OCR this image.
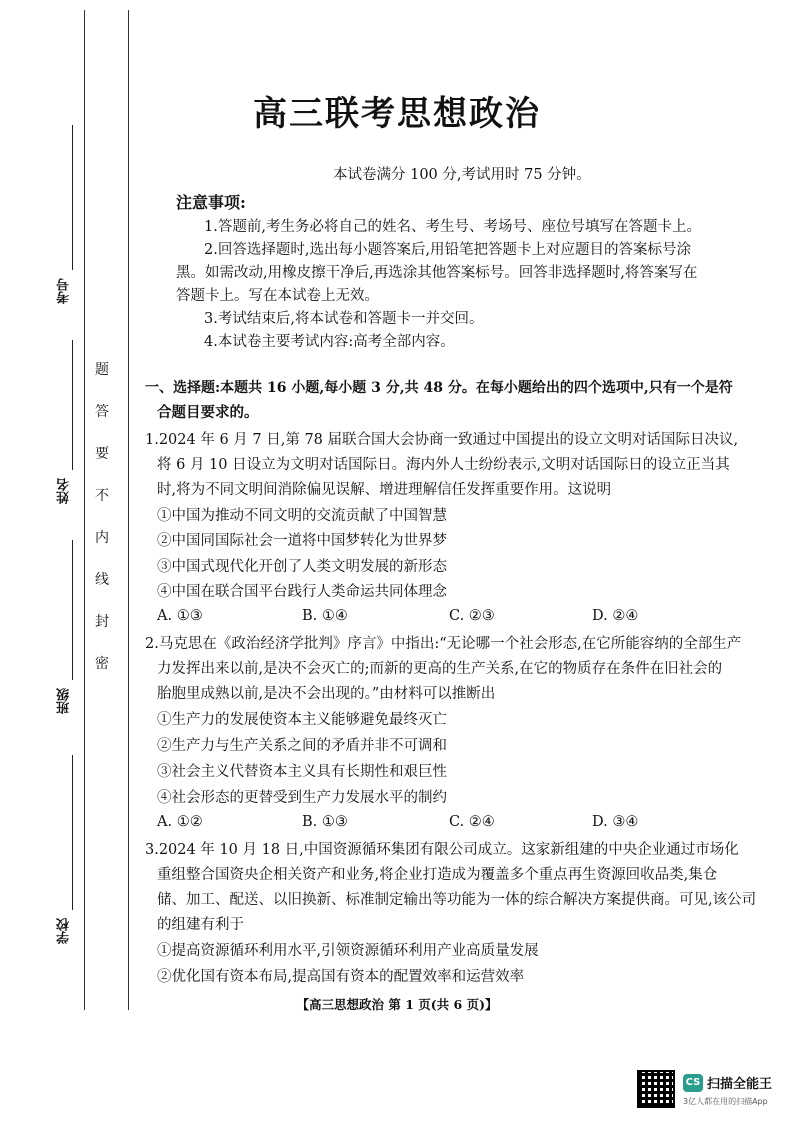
题
答
要
不
内
线
封
密
考号
姓名
班级
学校
高三联考思想政治
本试卷满分 100 分,考试用时 75 分钟。
注意事项:
1.答题前,考生务必将自己的姓名、考生号、考场号、座位号填写在答题卡上。
2.回答选择题时,选出每小题答案后,用铅笔把答题卡上对应题目的答案标号涂
黑。如需改动,用橡皮擦干净后,再选涂其他答案标号。回答非选择题时,将答案写在
答题卡上。写在本试卷上无效。
3.考试结束后,将本试卷和答题卡一并交回。
4.本试卷主要考试内容:高考全部内容。
一、选择题:本题共 16 小题,每小题 3 分,共 48 分。在每小题给出的四个选项中,只有一个是符
合题目要求的。
1.2024 年 6 月 7 日,第 78 届联合国大会协商一致通过中国提出的设立文明对话国际日决议,
将 6 月 10 日设立为文明对话国际日。海内外人士纷纷表示,文明对话国际日的设立正当其
时,将为不同文明间消除偏见误解、增进理解信任发挥重要作用。这说明
①中国为推动不同文明的交流贡献了中国智慧
②中国同国际社会一道将中国梦转化为世界梦
③中国式现代化开创了人类文明发展的新形态
④中国在联合国平台践行人类命运共同体理念
A. ①③	B. ①④	C. ②③	D. ②④
2.马克思在《政治经济学批判》序言》中指出:“无论哪一个社会形态,在它所能容纳的全部生产
力发挥出来以前,是决不会灭亡的;而新的更高的生产关系,在它的物质存在条件在旧社会的
胎胞里成熟以前,是决不会出现的。”由材料可以推断出
①生产力的发展使资本主义能够避免最终灭亡
②生产力与生产关系之间的矛盾并非不可调和
③社会主义代替资本主义具有长期性和艰巨性
④社会形态的更替受到生产力发展水平的制约
A. ①②	B. ①③	C. ②④	D. ③④
3.2024 年 10 月 18 日,中国资源循环集团有限公司成立。这家新组建的中央企业通过市场化
重组整合国资央企相关资产和业务,将企业打造成为覆盖多个重点再生资源回收品类,集仓
储、加工、配送、以旧换新、标准制定输出等功能为一体的综合解决方案提供商。可见,该公司
的组建有利于
①提高资源循环利用水平,引领资源循环利用产业高质量发展
②优化国有资本布局,提高国有资本的配置效率和运营效率
【高三思想政治 第 1 页(共 6 页)】
CS 扫描全能王
3亿人都在用的扫描App
